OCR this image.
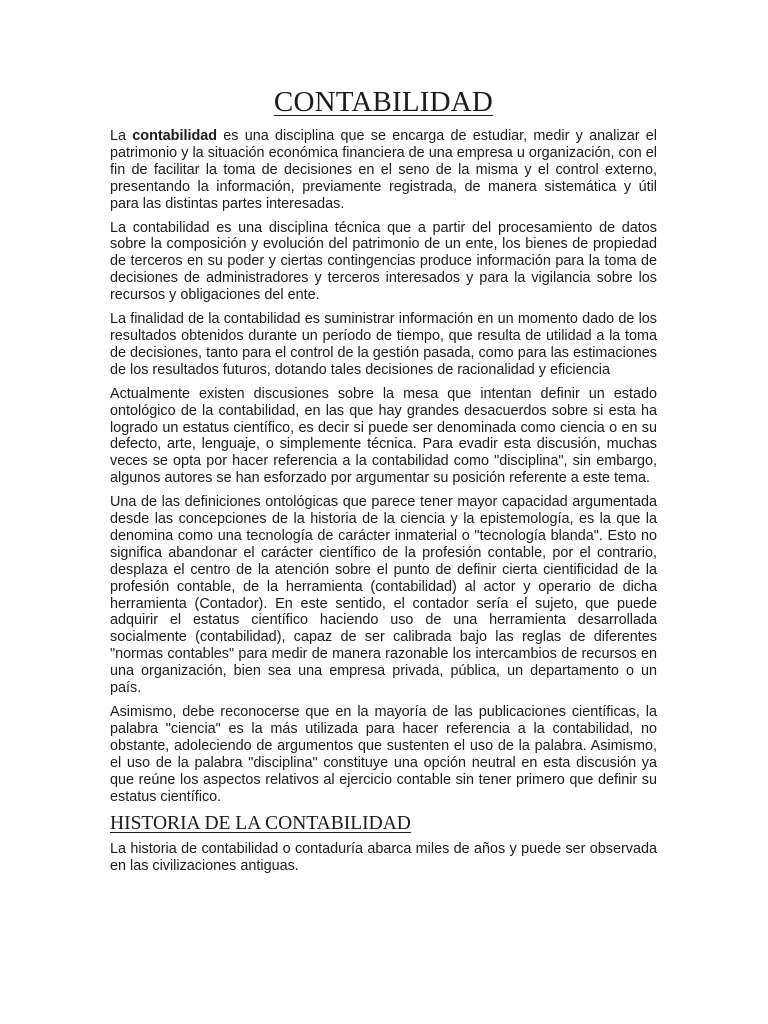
CONTABILIDAD

La contabilidad es una disciplina que se encarga de estudiar, medir y analizar el patrimonio y la situación económica financiera de una empresa u organización, con el fin de facilitar la toma de decisiones en el seno de la misma y el control externo, presentando la información, previamente registrada, de manera sistemática y útil para las distintas partes interesadas.

La contabilidad es una disciplina técnica que a partir del procesamiento de datos sobre la composición y evolución del patrimonio de un ente, los bienes de propiedad de terceros en su poder y ciertas contingencias produce información para la toma de decisiones de administradores y terceros interesados y para la vigilancia sobre los recursos y obligaciones del ente.

La finalidad de la contabilidad es suministrar información en un momento dado de los resultados obtenidos durante un período de tiempo, que resulta de utilidad a la toma de decisiones, tanto para el control de la gestión pasada, como para las estimaciones de los resultados futuros, dotando tales decisiones de racionalidad y eficiencia

Actualmente existen discusiones sobre la mesa que intentan definir un estado ontológico de la contabilidad, en las que hay grandes desacuerdos sobre si esta ha logrado un estatus científico, es decir si puede ser denominada como ciencia o en su defecto, arte, lenguaje, o simplemente técnica. Para evadir esta discusión, muchas veces se opta por hacer referencia a la contabilidad como "disciplina", sin embargo, algunos autores se han esforzado por argumentar su posición referente a este tema.

Una de las definiciones ontológicas que parece tener mayor capacidad argumentada desde las concepciones de la historia de la ciencia y la epistemología, es la que la denomina como una tecnología de carácter inmaterial o "tecnología blanda". Esto no significa abandonar el carácter científico de la profesión contable, por el contrario, desplaza el centro de la atención sobre el punto de definir cierta cientificidad de la profesión contable, de la herramienta (contabilidad) al actor y operario de dicha herramienta (Contador). En este sentido, el contador sería el sujeto, que puede adquirir el estatus científico haciendo uso de una herramienta desarrollada socialmente (contabilidad), capaz de ser calibrada bajo las reglas de diferentes "normas contables" para medir de manera razonable los intercambios de recursos en una organización, bien sea una empresa privada, pública, un departamento o un país.

Asimismo, debe reconocerse que en la mayoría de las publicaciones científicas, la palabra "ciencia" es la más utilizada para hacer referencia a la contabilidad, no obstante, adoleciendo de argumentos que sustenten el uso de la palabra. Asimismo, el uso de la palabra "disciplina" constituye una opción neutral en esta discusión ya que reúne los aspectos relativos al ejercicio contable sin tener primero que definir su estatus científico.

HISTORIA DE LA CONTABILIDAD

La historia de contabilidad o contaduría abarca miles de años y puede ser observada en las civilizaciones antiguas.
